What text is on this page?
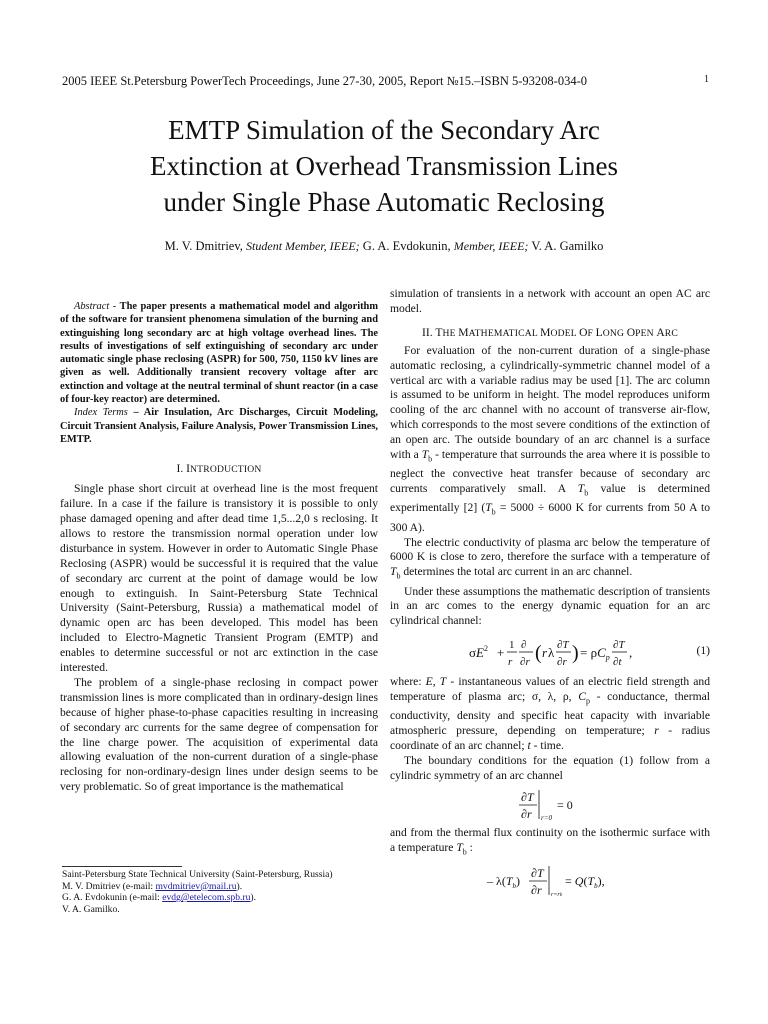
2005 IEEE St.Petersburg PowerTech Proceedings, June 27-30, 2005, Report №15.–ISBN 5-93208-034-0	1
EMTP Simulation of the Secondary Arc
Extinction at Overhead Transmission Lines
under Single Phase Automatic Reclosing
M. V. Dmitriev, Student Member, IEEE; G. A. Evdokunin, Member, IEEE; V. A. Gamilko

Abstract - The paper presents a mathematical model and algorithm of the software for transient phenomena simulation of the burning and extinguishing long secondary arc at high voltage overhead lines. The results of investigations of self extinguishing of secondary arc under automatic single phase reclosing (ASPR) for 500, 750, 1150 kV lines are given as well. Additionally transient recovery voltage after arc extinction and voltage at the neutral terminal of shunt reactor (in a case of four-key reactor) are determined.

Index Terms – Air Insulation, Arc Discharges, Circuit Modeling, Circuit Transient Analysis, Failure Analysis, Power Transmission Lines, EMTP.

I. INTRODUCTION

Single phase short circuit at overhead line is the most frequent failure. In a case if the failure is transistory it is possible to only phase damaged opening and after dead time 1,5...2,0 s reclosing. It allows to restore the transmission normal operation under low disturbance in system. However in order to Automatic Single Phase Reclosing (ASPR) would be successful it is required that the value of secondary arc current at the point of damage would be low enough to extinguish. In Saint-Petersburg State Technical University (Saint-Petersburg, Russia) a mathematical model of dynamic open arc has been developed. This model has been included to Electro-Magnetic Transient Program (EMTP) and enables to determine successful or not arc extinction in the case interested.

The problem of a single-phase reclosing in compact power transmission lines is more complicated than in ordinary-design lines because of higher phase-to-phase capacities resulting in increasing of secondary arc currents for the same degree of compensation for the line charge power. The acquisition of experimental data allowing evaluation of the non-current duration of a single-phase reclosing for non-ordinary-design lines under design seems to be very problematic. So of great importance is the mathematical

simulation of transients in a network with account an open AC arc model.

II. THE MATHEMATICAL MODEL OF LONG OPEN ARC

For evaluation of the non-current duration of a single-phase automatic reclosing, a cylindrically-symmetric channel model of a vertical arc with a variable radius may be used [1]. The arc column is assumed to be uniform in height. The model reproduces uniform cooling of the arc channel with no account of transverse air-flow, which corresponds to the most severe conditions of the extinction of an open arc. The outside boundary of an arc channel is a surface with a $T_b$ - temperature that surrounds the area where it is possible to neglect the convective heat transfer because of secondary arc currents comparatively small. A $T_b$ value is determined experimentally [2] ($T_b = 5000 \div 6000$ K for currents from 50 A to 300 A).

The electric conductivity of plasma arc below the temperature of 6000 K is close to zero, therefore the surface with a temperature of $T_b$ determines the total arc current in an arc channel.

Under these assumptions the mathematic description of transients in an arc comes to the energy dynamic equation for an arc cylindrical channel:

$\sigma E^2 + 1$
r
∂
∂r ( r λ ∂T
∂r ) = $\rho C_p$
∂T
∂t
,	(1)

where: E, T - instantaneous values of an electric field strength and temperature of plasma arc; σ, λ, ρ, $C_p$ - conductance, thermal conductivity, density and specific heat capacity with invariable atmospheric pressure, depending on temperature; r - radius coordinate of an arc channel; t - time.

The boundary conditions for the equation (1) follow from a cylindric symmetry of an arc channel

∂T
∂r r=0
= 0

and from the thermal flux continuity on the isothermic surface with a temperature $T_b$ :

– $\lambda(T_b)$
∂T
∂r r=rb
= $Q(T_b)$,
Saint-Petersburg State Technical University (Saint-Petersburg, Russia)
M. V. Dmitriev (e-mail: mvdmitriev@mail.ru).
G. A. Evdokunin (e-mail: evdg@etelecom.spb.ru).
V. A. Gamilko.
